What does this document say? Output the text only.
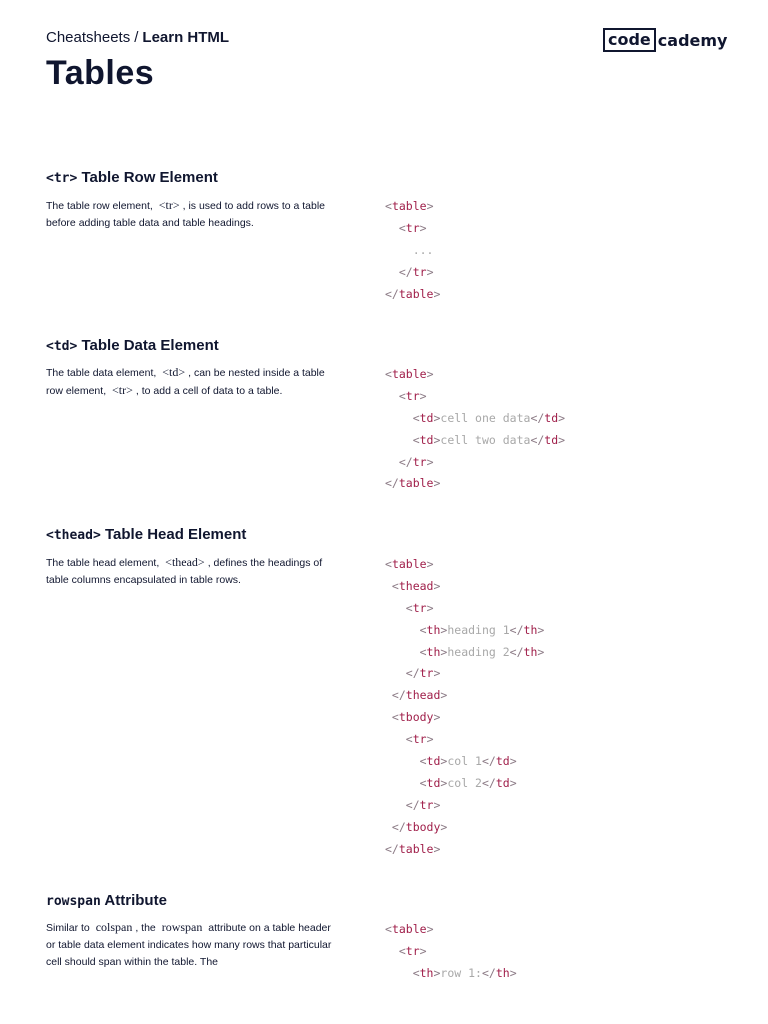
Cheatsheets / Learn HTML	code cademy
Tables
<tr> Table Row Element
The table row element, <tr> , is used to add rows to a table before adding table data and table headings.
<table>
<tr>
...
</tr>
</table>
<td> Table Data Element
The table data element, <td> , can be nested inside a table row element, <tr> , to add a cell of data to a table.
<table>
<tr>
<td>cell one data</td>
<td>cell two data</td>
</tr>
</table>
<thead> Table Head Element
The table head element, <thead> , defines the headings of table columns encapsulated in table rows.
<table>
<thead>
<tr>
<th>heading 1</th>
<th>heading 2</th>
</tr>
</thead>
<tbody>
<tr>
<td>col 1</td>
<td>col 2</td>
</tr>
</tbody>
</table>
rowspan Attribute
Similar to colspan , the rowspan attribute on a table header or table data element indicates how many rows that particular cell should span within the table. The
<table>
<tr>
<th>row 1:</th>
